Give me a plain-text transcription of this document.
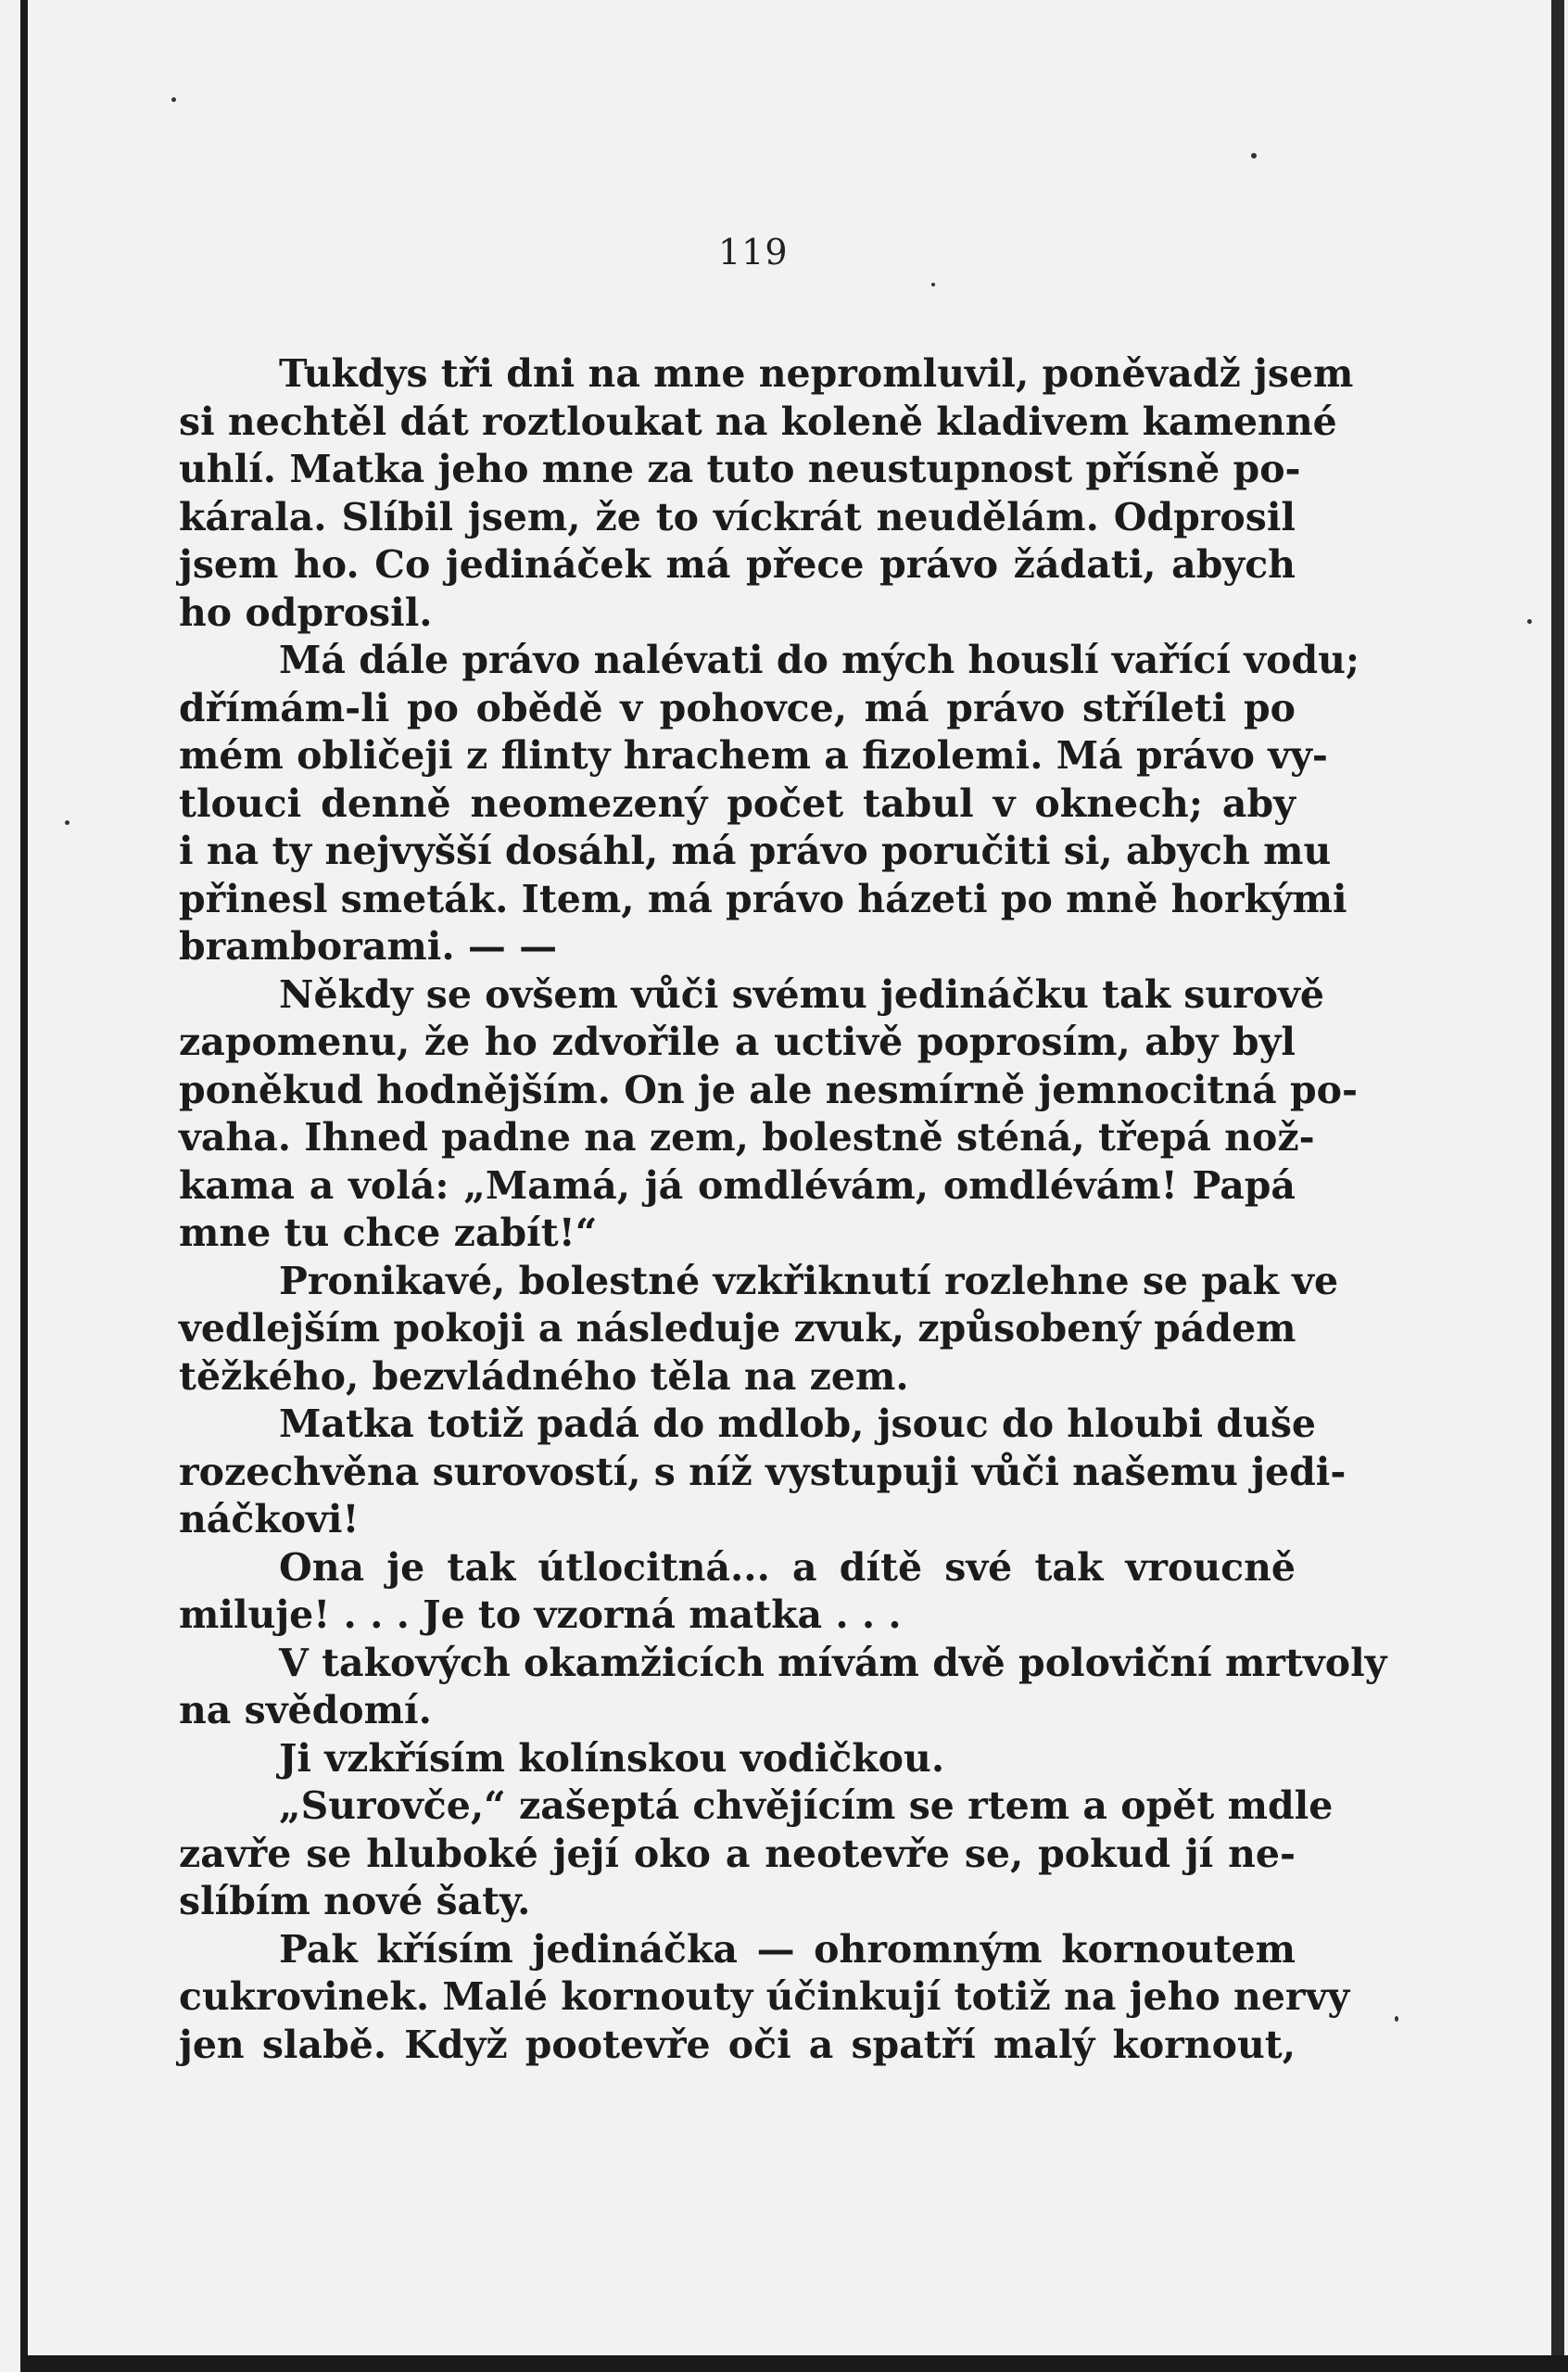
119
Tukdys tři dni na mne nepromluvil, poněvadž jsem
si nechtěl dát roztloukat na koleně kladivem kamenné
uhlí. Matka jeho mne za tuto neustupnost přísně po-
kárala. Slíbil jsem, že to víckrát neudělám. Odprosil
jsem ho. Co jedináček má přece právo žádati, abych
ho odprosil.
Má dále právo nalévati do mých houslí vařící vodu;
dřímám-li po obědě v pohovce, má právo stříleti po
mém obličeji z flinty hrachem a fizolemi. Má právo vy-
tlouci denně neomezený počet tabul v oknech; aby
i na ty nejvyšší dosáhl, má právo poručiti si, abych mu
přinesl smeták. Item, má právo házeti po mně horkými
bramborami. — —
Někdy se ovšem vůči svému jedináčku tak surově
zapomenu, že ho zdvořile a uctivě poprosím, aby byl
poněkud hodnějším. On je ale nesmírně jemnocitná po-
vaha. Ihned padne na zem, bolestně sténá, třepá nož-
kama a volá: „Mamá, já omdlévám, omdlévám! Papá
mne tu chce zabít!“
Pronikavé, bolestné vzkřiknutí rozlehne se pak ve
vedlejším pokoji a následuje zvuk, způsobený pádem
těžkého, bezvládného těla na zem.
Matka totiž padá do mdlob, jsouc do hloubi duše
rozechvěna surovostí, s níž vystupuji vůči našemu jedi-
náčkovi!
Ona je tak útlocitná... a dítě své tak vroucně
miluje! . . . Je to vzorná matka . . .
V takových okamžicích mívám dvě poloviční mrtvoly
na svědomí.
Ji vzkřísím kolínskou vodičkou.
„Surovče,“ zašeptá chvějícím se rtem a opět mdle
zavře se hluboké její oko a neotevře se, pokud jí ne-
slíbím nové šaty.
Pak křísím jedináčka — ohromným kornoutem
cukrovinek. Malé kornouty účinkují totiž na jeho nervy
jen slabě. Když pootevře oči a spatří malý kornout,
